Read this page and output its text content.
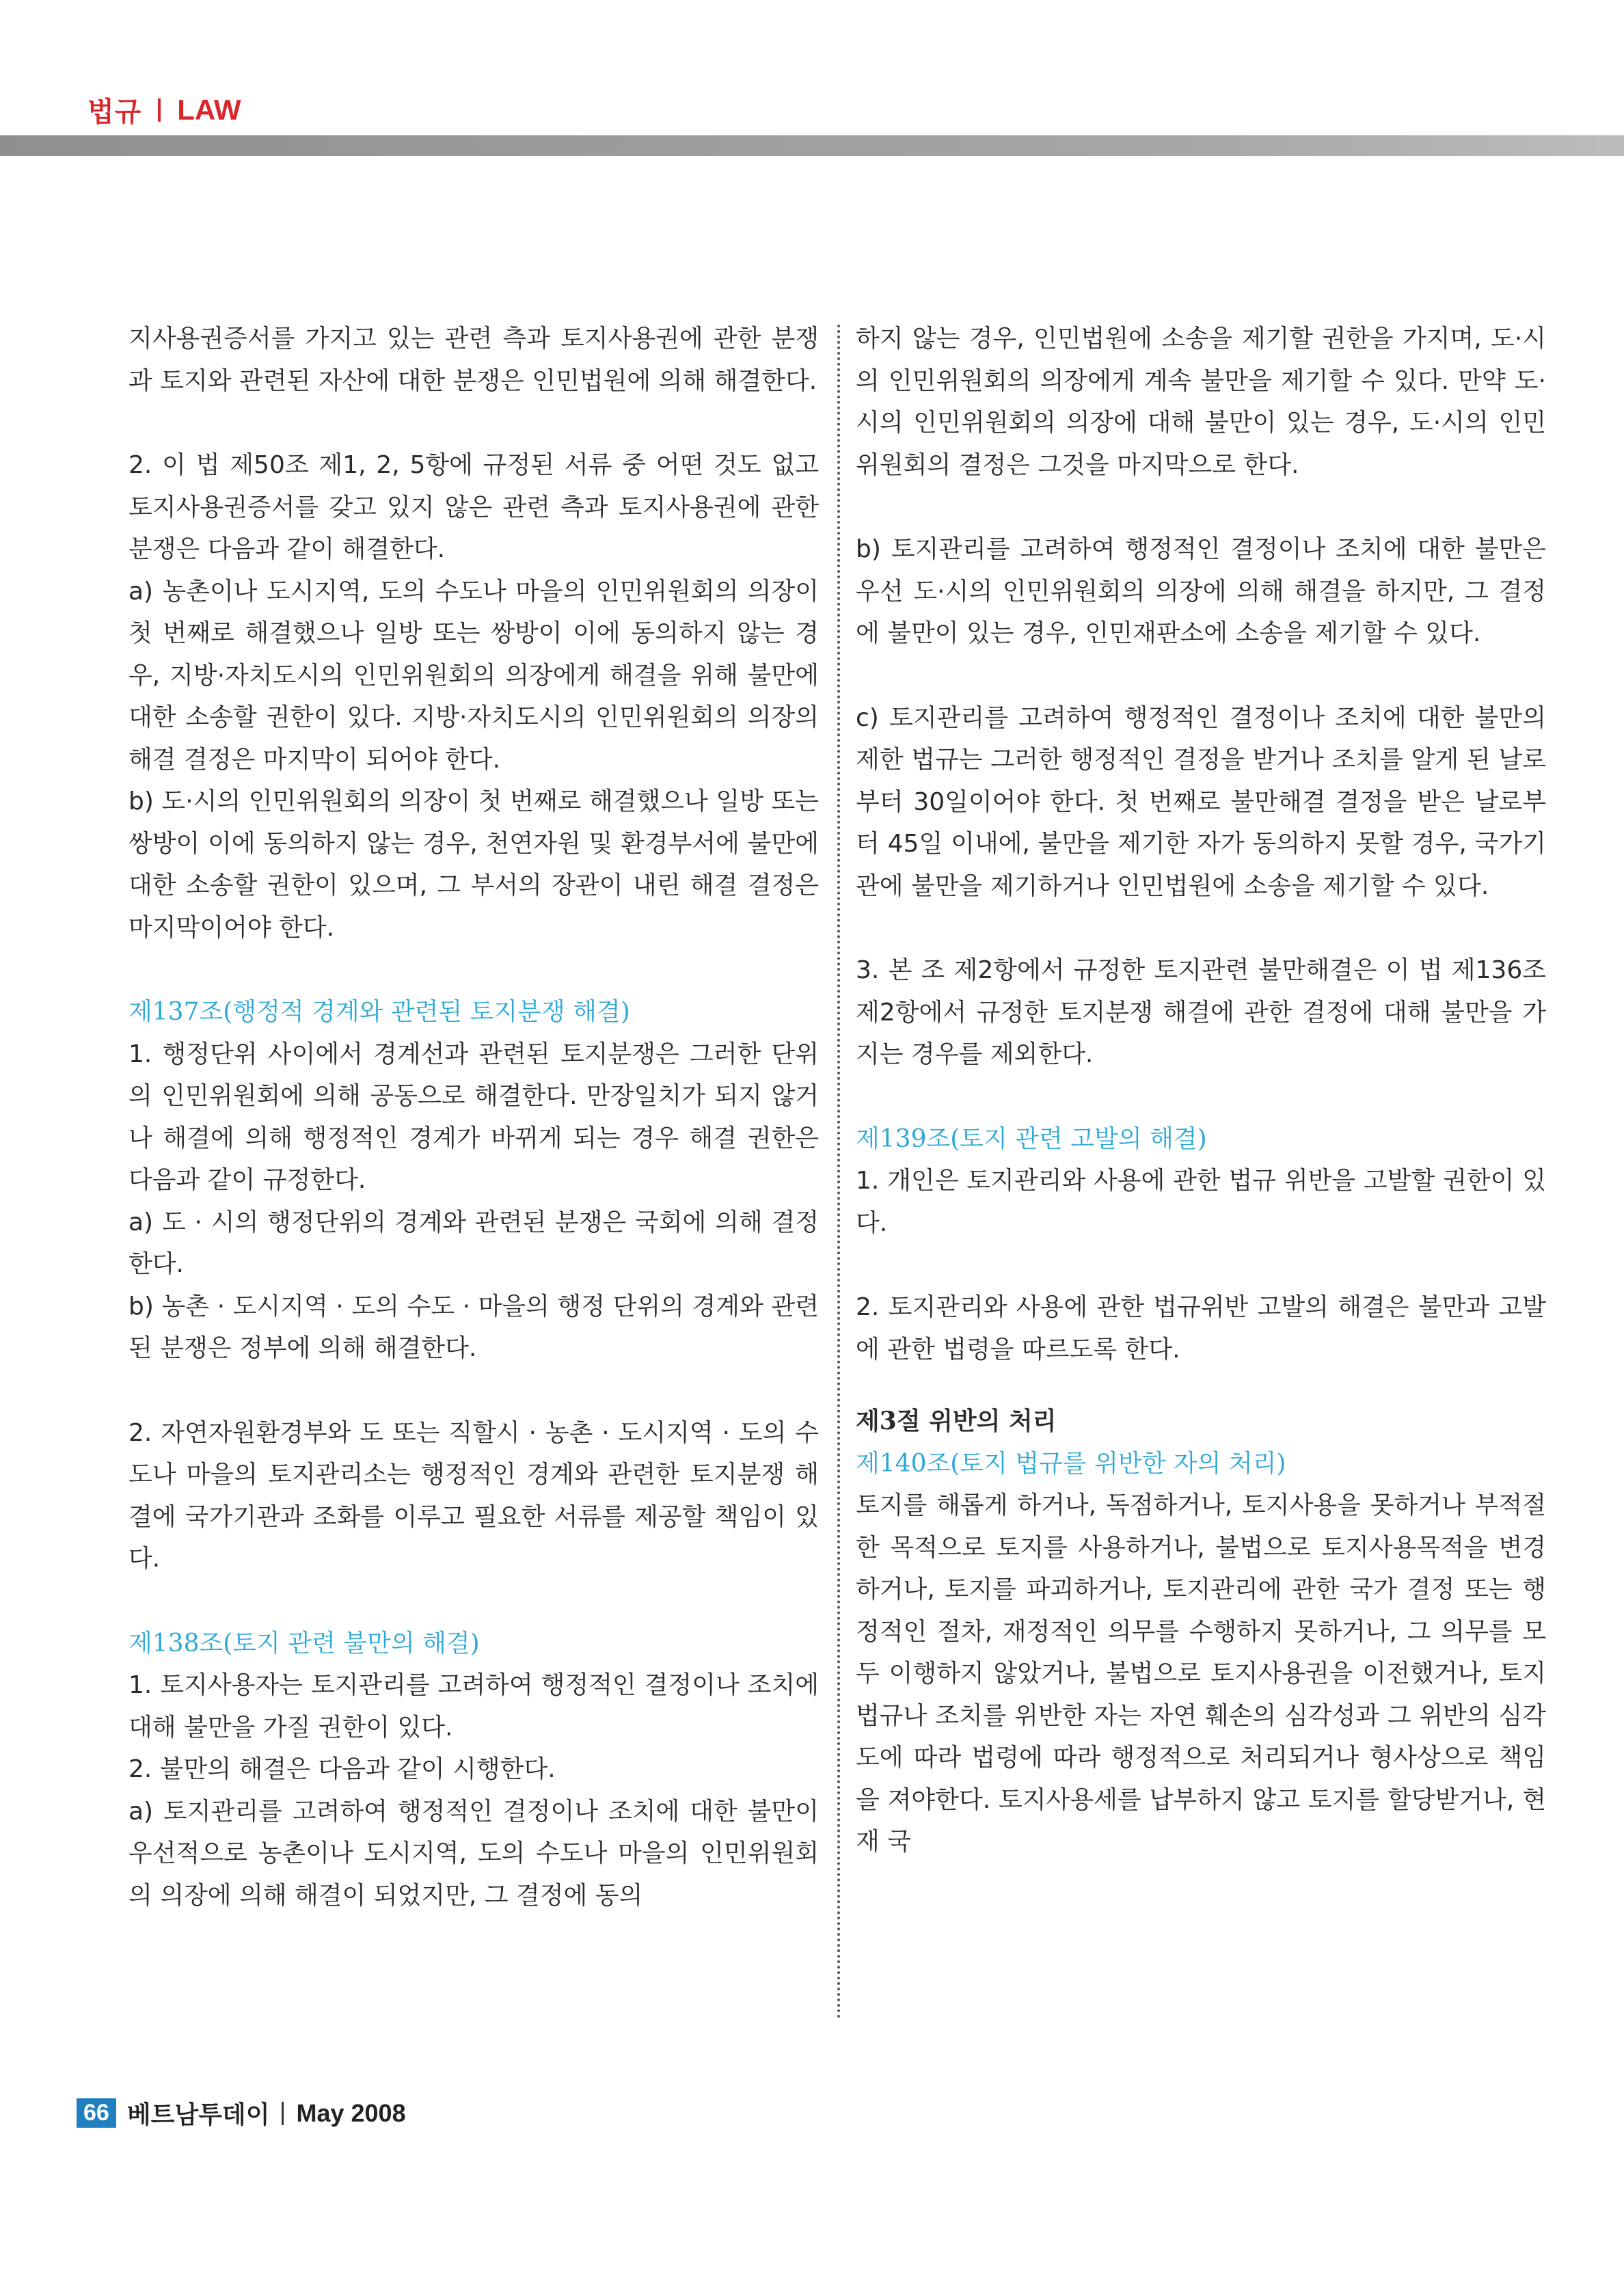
법규 LAW

지사용권증서를 가지고 있는 관련 측과 토지사용권에 관한 분쟁과 토지와 관련된 자산에 대한 분쟁은 인민법원에 의해 해결한다.

2. 이 법 제50조 제1, 2, 5항에 규정된 서류 중 어떤 것도 없고 토지사용권증서를 갖고 있지 않은 관련 측과 토지사용권에 관한 분쟁은 다음과 같이 해결한다.

a) 농촌이나 도시지역, 도의 수도나 마을의 인민위원회의 의장이 첫 번째로 해결했으나 일방 또는 쌍방이 이에 동의하지 않는 경우, 지방·자치도시의 인민위원회의 의장에게 해결을 위해 불만에 대한 소송할 권한이 있다. 지방·자치도시의 인민위원회의 의장의 해결 결정은 마지막이 되어야 한다.

b) 도·시의 인민위원회의 의장이 첫 번째로 해결했으나 일방 또는 쌍방이 이에 동의하지 않는 경우, 천연자원 및 환경부서에 불만에 대한 소송할 권한이 있으며, 그 부서의 장관이 내린 해결 결정은 마지막이어야 한다.

제137조(행정적 경계와 관련된 토지분쟁 해결)

1. 행정단위 사이에서 경계선과 관련된 토지분쟁은 그러한 단위의 인민위원회에 의해 공동으로 해결한다. 만장일치가 되지 않거나 해결에 의해 행정적인 경계가 바뀌게 되는 경우 해결 권한은 다음과 같이 규정한다.

a) 도 · 시의 행정단위의 경계와 관련된 분쟁은 국회에 의해 결정한다.

b) 농촌 · 도시지역 · 도의 수도 · 마을의 행정 단위의 경계와 관련된 분쟁은 정부에 의해 해결한다.

2. 자연자원환경부와 도 또는 직할시 · 농촌 · 도시지역 · 도의 수도나 마을의 토지관리소는 행정적인 경계와 관련한 토지분쟁 해결에 국가기관과 조화를 이루고 필요한 서류를 제공할 책임이 있다.

제138조(토지 관련 불만의 해결)

1. 토지사용자는 토지관리를 고려하여 행정적인 결정이나 조치에 대해 불만을 가질 권한이 있다.

2. 불만의 해결은 다음과 같이 시행한다.

a) 토지관리를 고려하여 행정적인 결정이나 조치에 대한 불만이 우선적으로 농촌이나 도시지역, 도의 수도나 마을의 인민위원회의 의장에 의해 해결이 되었지만, 그 결정에 동의

하지 않는 경우, 인민법원에 소송을 제기할 권한을 가지며, 도·시의 인민위원회의 의장에게 계속 불만을 제기할 수 있다. 만약 도·시의 인민위원회의 의장에 대해 불만이 있는 경우, 도·시의 인민위원회의 결정은 그것을 마지막으로 한다.

b) 토지관리를 고려하여 행정적인 결정이나 조치에 대한 불만은 우선 도·시의 인민위원회의 의장에 의해 해결을 하지만, 그 결정에 불만이 있는 경우, 인민재판소에 소송을 제기할 수 있다.

c) 토지관리를 고려하여 행정적인 결정이나 조치에 대한 불만의 제한 법규는 그러한 행정적인 결정을 받거나 조치를 알게 된 날로부터 30일이어야 한다. 첫 번째로 불만해결 결정을 받은 날로부터 45일 이내에, 불만을 제기한 자가 동의하지 못할 경우, 국가기관에 불만을 제기하거나 인민법원에 소송을 제기할 수 있다.

3. 본 조 제2항에서 규정한 토지관련 불만해결은 이 법 제136조 제2항에서 규정한 토지분쟁 해결에 관한 결정에 대해 불만을 가지는 경우를 제외한다.

제139조(토지 관련 고발의 해결)

1. 개인은 토지관리와 사용에 관한 법규 위반을 고발할 권한이 있다.

2. 토지관리와 사용에 관한 법규위반 고발의 해결은 불만과 고발에 관한 법령을 따르도록 한다.

제3절 위반의 처리

제140조(토지 법규를 위반한 자의 처리)

토지를 해롭게 하거나, 독점하거나, 토지사용을 못하거나 부적절한 목적으로 토지를 사용하거나, 불법으로 토지사용목적을 변경하거나, 토지를 파괴하거나, 토지관리에 관한 국가 결정 또는 행정적인 절차, 재정적인 의무를 수행하지 못하거나, 그 의무를 모두 이행하지 않았거나, 불법으로 토지사용권을 이전했거나, 토지 법규나 조치를 위반한 자는 자연 훼손의 심각성과 그 위반의 심각도에 따라 법령에 따라 행정적으로 처리되거나 형사상으로 책임을 져야한다. 토지사용세를 납부하지 않고 토지를 할당받거나, 현재 국

66 베트남투데이 May 2008
